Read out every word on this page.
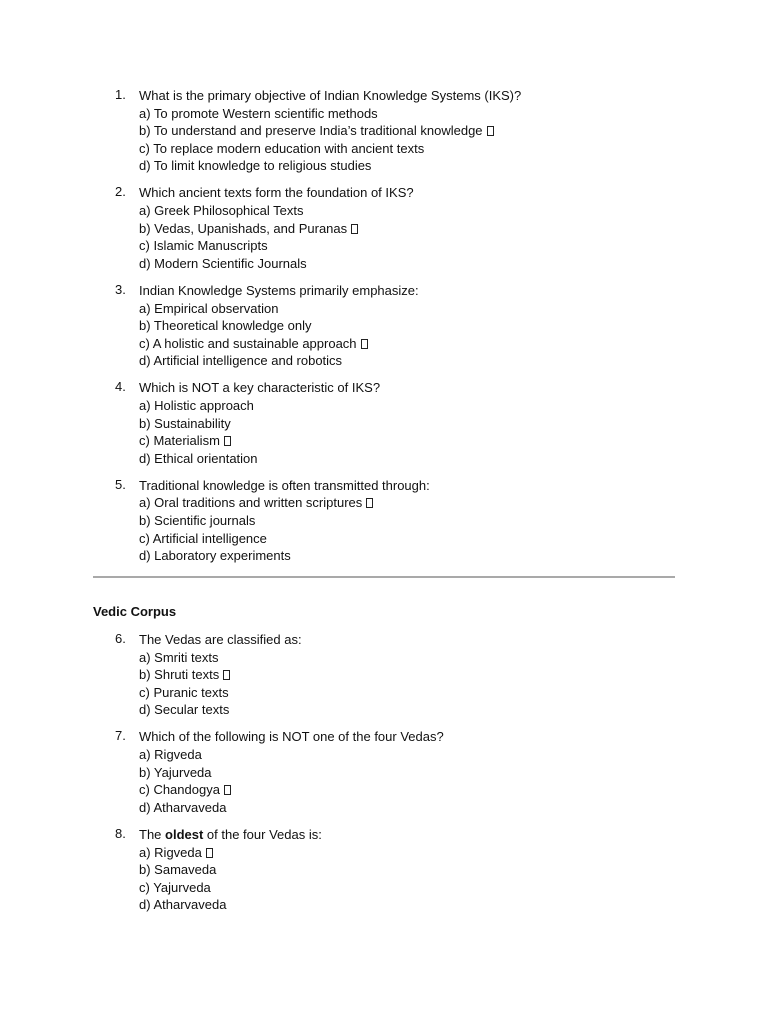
1. What is the primary objective of Indian Knowledge Systems (IKS)?
a) To promote Western scientific methods
b) To understand and preserve India’s traditional knowledge
c) To replace modern education with ancient texts
d) To limit knowledge to religious studies
2. Which ancient texts form the foundation of IKS?
a) Greek Philosophical Texts
b) Vedas, Upanishads, and Puranas
c) Islamic Manuscripts
d) Modern Scientific Journals
3. Indian Knowledge Systems primarily emphasize:
a) Empirical observation
b) Theoretical knowledge only
c) A holistic and sustainable approach
d) Artificial intelligence and robotics
4. Which is NOT a key characteristic of IKS?
a) Holistic approach
b) Sustainability
c) Materialism
d) Ethical orientation
5. Traditional knowledge is often transmitted through:
a) Oral traditions and written scriptures
b) Scientific journals
c) Artificial intelligence
d) Laboratory experiments
Vedic Corpus
6. The Vedas are classified as:
a) Smriti texts
b) Shruti texts
c) Puranic texts
d) Secular texts
7. Which of the following is NOT one of the four Vedas?
a) Rigveda
b) Yajurveda
c) Chandogya
d) Atharvaveda
8. The oldest of the four Vedas is:
a) Rigveda
b) Samaveda
c) Yajurveda
d) Atharvaveda
